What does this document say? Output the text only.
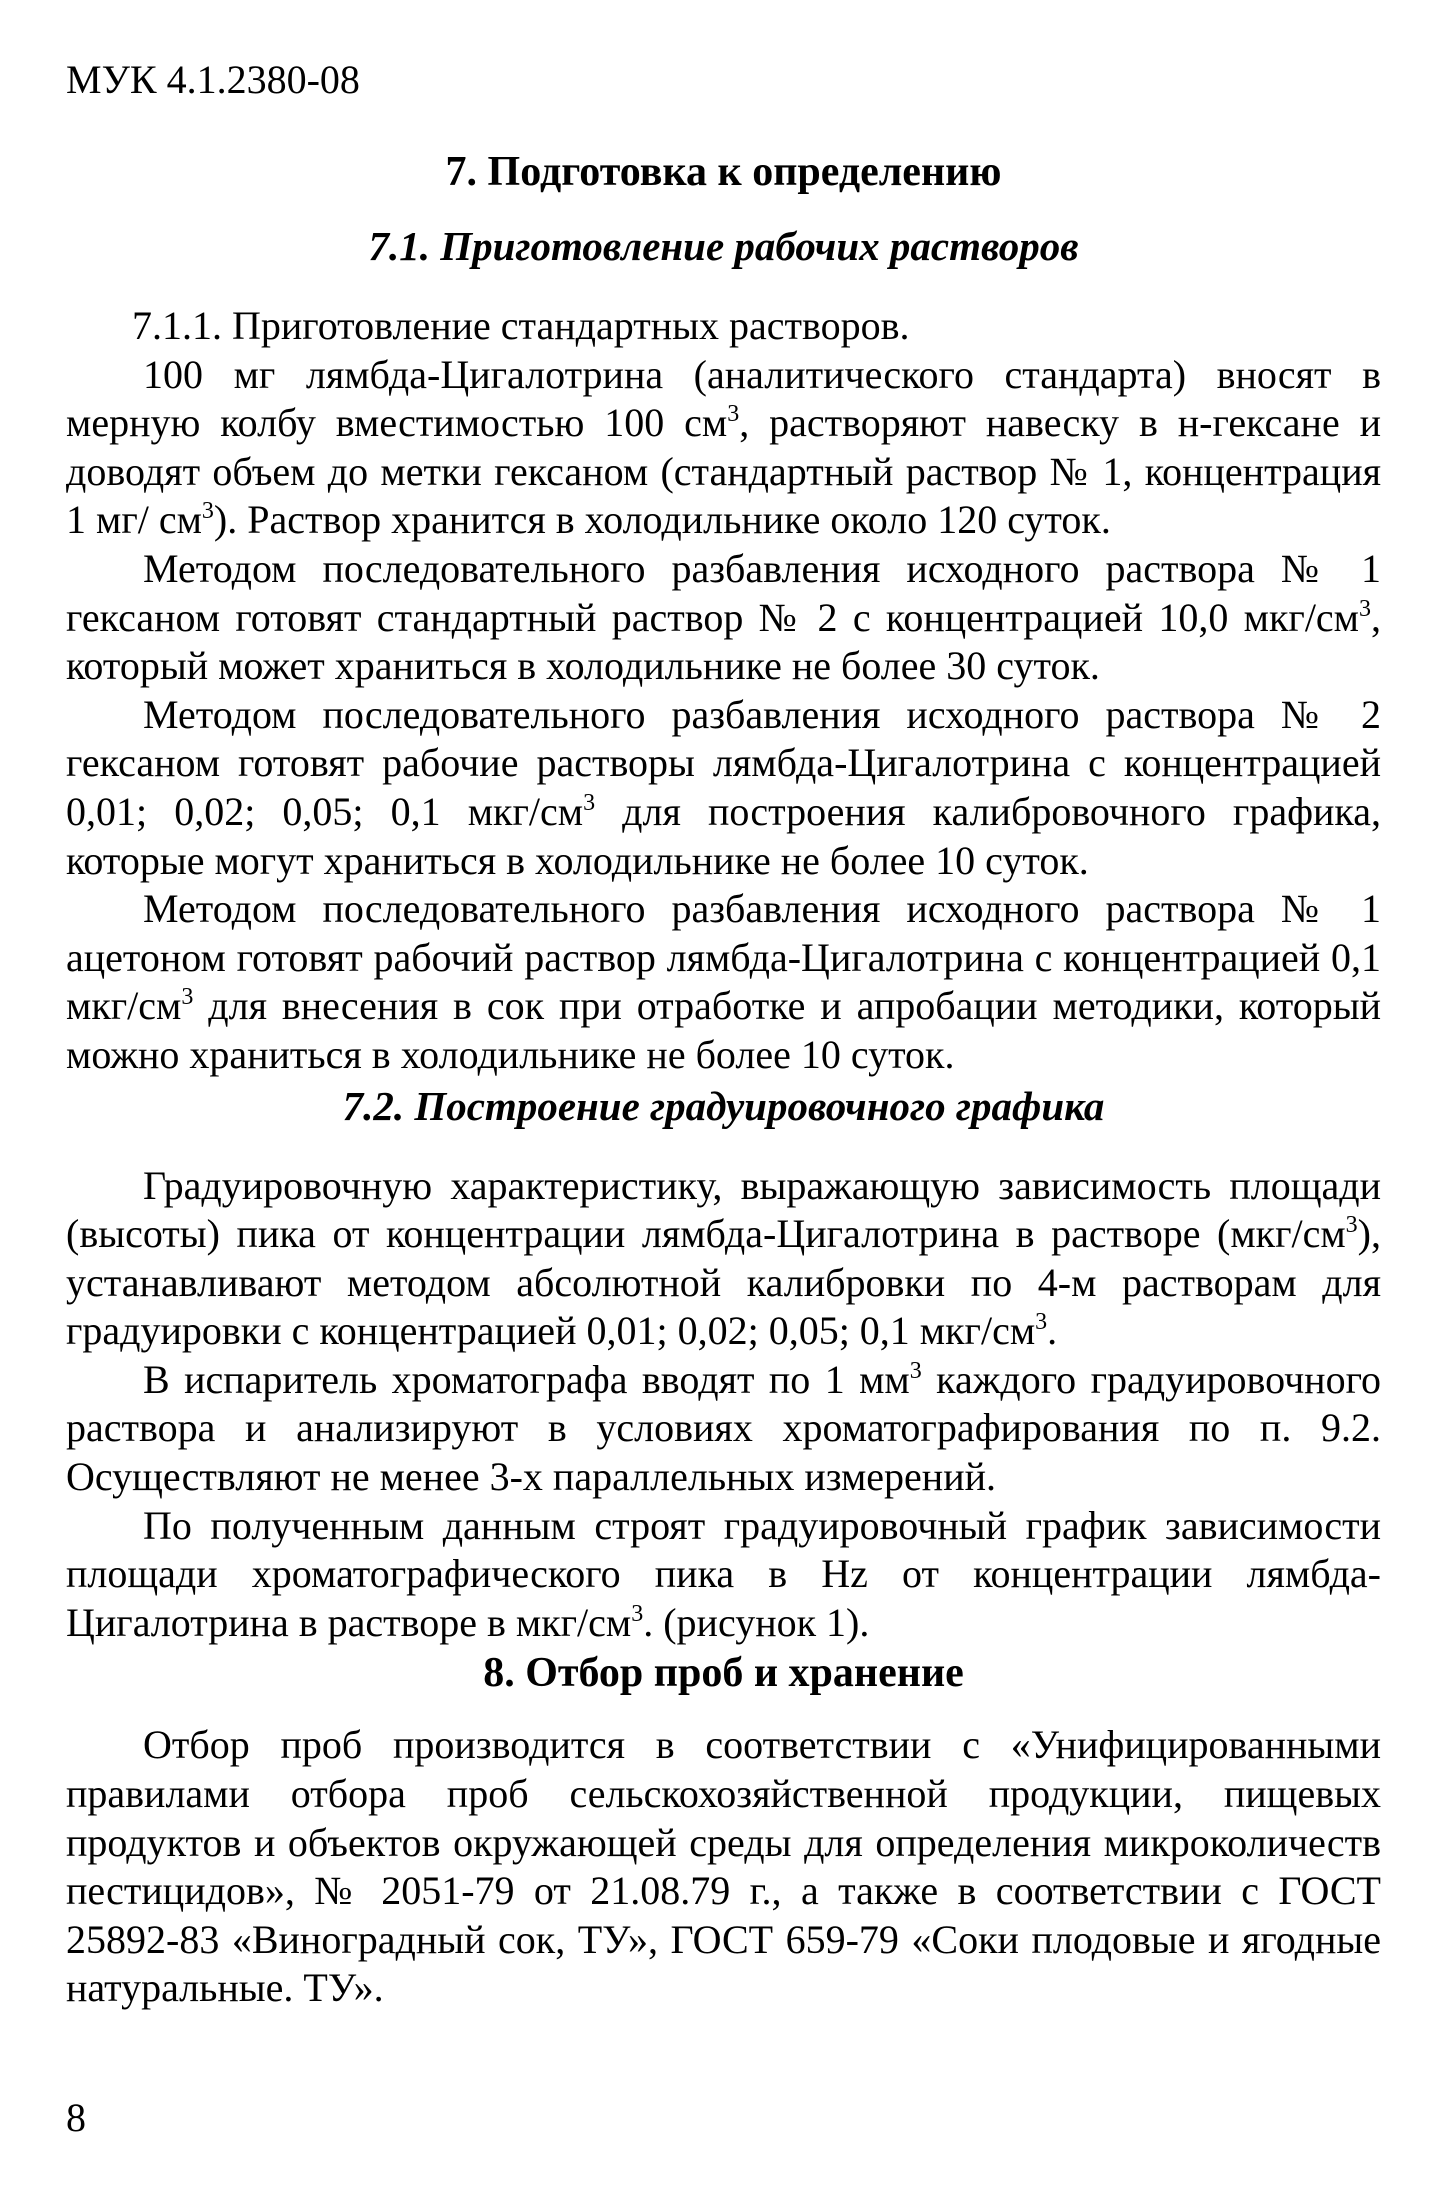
МУК 4.1.2380-08
7. Подготовка к определению
7.1. Приготовление рабочих растворов

7.1.1. Приготовление стандартных растворов.

100 мг лямбда-Цигалотрина (аналитического стандарта) вносят в мерную колбу вместимостью 100 $см^3$, растворяют навеску в н-гексане и доводят объем до метки гексаном (стандартный раствор № 1, концентрация 1 мг/ $см^3$). Раствор хранится в холодильнике около 120 суток.

Методом последовательного разбавления исходного раствора № 1 гексаном готовят стандартный раствор № 2 с концентрацией 10,0 мкг/$см^3$, который может храниться в холодильнике не более 30 суток.

Методом последовательного разбавления исходного раствора № 2 гексаном готовят рабочие растворы лямбда-Цигалотрина с концентрацией 0,01; 0,02; 0,05; 0,1 мкг/$см^3$ для построения калибровочного графика, которые могут храниться в холодильнике не более 10 суток.

Методом последовательного разбавления исходного раствора № 1 ацетоном готовят рабочий раствор лямбда-Цигалотрина с концентрацией 0,1 мкг/$см^3$ для внесения в сок при отработке и апробации методики, который можно храниться в холодильнике не более 10 суток.

7.2. Построение градуировочного графика

Градуировочную характеристику, выражающую зависимость площади (высоты) пика от концентрации лямбда-Цигалотрина в растворе $(мкг/см^3)$, устанавливают методом абсолютной калибровки по 4-м растворам для градуировки с концентрацией 0,01; 0,02; 0,05; 0,1 мкг/$см^3$.

В испаритель хроматографа вводят по 1 $мм^3$ каждого градуировочного раствора и анализируют в условиях хроматографирования по п. 9.2. Осуществляют не менее 3-х параллельных измерений.

По полученным данным строят градуировочный график зависимости площади хроматографического пика в Hz от концентрации лямбда-Цигалотрина в растворе в мкг/$см^3$. (рисунок 1).

8. Отбор проб и хранение

Отбор проб производится в соответствии с «Унифицированными правилами отбора проб сельскохозяйственной продукции, пищевых продуктов и объектов окружающей среды для определения микроколичеств пестицидов», № 2051-79 от 21.08.79 г., а также в соответствии с ГОСТ 25892-83 «Виноградный сок, ТУ», ГОСТ 659-79 «Соки плодовые и ягодные натуральные. ТУ».

8
